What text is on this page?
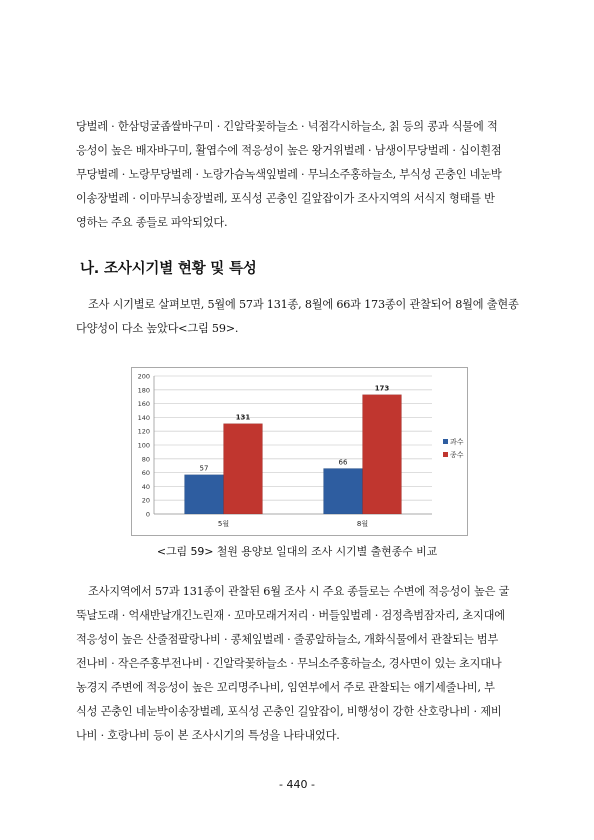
당벌레 · 한삼덩굴좁쌀바구미 · 긴알락꽃하늘소 · 넉점각시하늘소, 칡 등의 콩과 식물에 적

응성이 높은 배자바구미, 활엽수에 적응성이 높은 왕거위벌레 · 남생이무당벌레 · 십이흰점

무당벌레 · 노랑무당벌레 · 노랑가슴녹색잎벌레 · 무늬소주홍하늘소, 부식성 곤충인 네눈박

이송장벌레 · 이마무늬송장벌레, 포식성 곤충인 길앞잡이가 조사지역의 서식지 형태를 반

영하는 주요 종들로 파악되었다.

나. 조사시기별 현황 및 특성

조사 시기별로 살펴보면, 5월에 57과 131종, 8월에 66과 173종이 관찰되어 8월에 출현종

다양성이 다소 높았다<그림 59>.

0
20
40
60
80
100
120
140
160
180
200
57
131
5월
66
173
8월
과수
종수
<그림 59> 철원 용양보 일대의 조사 시기별 출현종수 비교

조사지역에서 57과 131종이 관찰된 6월 조사 시 주요 종들로는 수변에 적응성이 높은 굴

뚝날도래 · 억새반날개긴노린재 · 꼬마모래거저리 · 버들잎벌레 · 검정측범잠자리, 초지대에

적응성이 높은 산줄점팔랑나비 · 콩체잎벌레 · 줄콩알하늘소, 개화식물에서 관찰되는 범부

전나비 · 작은주홍부전나비 · 긴알락꽃하늘소 · 무늬소주홍하늘소, 경사면이 있는 초지대나

농경지 주변에 적응성이 높은 꼬리명주나비, 임연부에서 주로 관찰되는 애기세줄나비, 부

식성 곤충인 네눈박이송장벌레, 포식성 곤충인 길앞잡이, 비행성이 강한 산호랑나비 · 제비

나비 · 호랑나비 등이 본 조사시기의 특성을 나타내었다.

- 440 -
